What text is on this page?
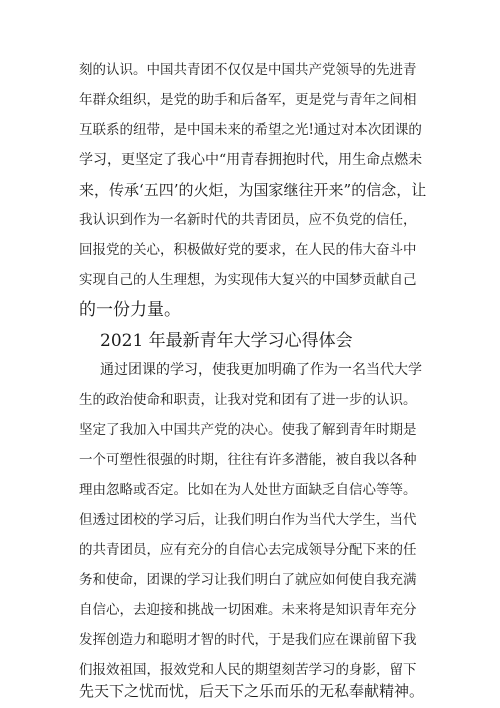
刻的认识。中国共青团不仅仅是中国共产党领导的先进青
年群众组织，是党的助手和后备军，更是党与青年之间相
互联系的纽带，是中国未来的希望之光!通过对本次团课的
学习，更坚定了我心中“用青春拥抱时代，用生命点燃未
来，传承‘五四’的火炬，为国家继往开来”的信念，让
我认识到作为一名新时代的共青团员，应不负党的信任，
回报党的关心，积极做好党的要求，在人民的伟大奋斗中
实现自己的人生理想，为实现伟大复兴的中国梦贡献自己
的一份力量。
2021 年最新青年大学习心得体会
通过团课的学习，使我更加明确了作为一名当代大学
生的政治使命和职责，让我对党和团有了进一步的认识。
坚定了我加入中国共产党的决心。使我了解到青年时期是
一个可塑性很强的时期，往往有许多潜能，被自我以各种
理由忽略或否定。比如在为人处世方面缺乏自信心等等。
但透过团校的学习后，让我们明白作为当代大学生，当代
的共青团员，应有充分的自信心去完成领导分配下来的任
务和使命，团课的学习让我们明白了就应如何使自我充满
自信心，去迎接和挑战一切困难。未来将是知识青年充分
发挥创造力和聪明才智的时代，于是我们应在课前留下我
们报效祖国，报效党和人民的期望刻苦学习的身影，留下
先天下之忧而忧，后天下之乐而乐的无私奉献精神。
